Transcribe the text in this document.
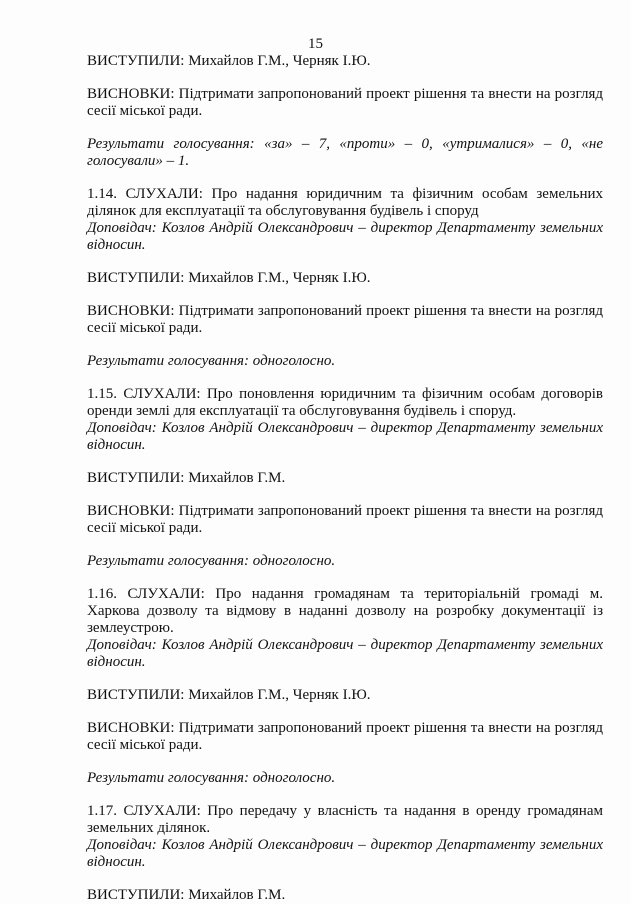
15

ВИСТУПИЛИ: Михайлов Г.М., Черняк І.Ю.

ВИСНОВКИ: Підтримати запропонований проект рішення та внести на розгляд сесії міської ради.

Результати голосування: «за» – 7, «проти» – 0, «утрималися» – 0, «не голосували» – 1.

1.14. СЛУХАЛИ: Про надання юридичним та фізичним особам земельних ділянок для експлуатації та обслуговування будівель і споруд

Доповідач: Козлов Андрій Олександрович – директор Департаменту земельних відносин.

ВИСТУПИЛИ: Михайлов Г.М., Черняк І.Ю.

ВИСНОВКИ: Підтримати запропонований проект рішення та внести на розгляд сесії міської ради.

Результати голосування: одноголосно.

1.15. СЛУХАЛИ: Про поновлення юридичним та фізичним особам договорів оренди землі для експлуатації та обслуговування будівель і споруд.

Доповідач: Козлов Андрій Олександрович – директор Департаменту земельних відносин.

ВИСТУПИЛИ: Михайлов Г.М.

ВИСНОВКИ: Підтримати запропонований проект рішення та внести на розгляд сесії міської ради.

Результати голосування: одноголосно.

1.16. СЛУХАЛИ: Про надання громадянам та територіальній громаді м. Харкова дозволу та відмову в наданні дозволу на розробку документації із землеустрою.

Доповідач: Козлов Андрій Олександрович – директор Департаменту земельних відносин.

ВИСТУПИЛИ: Михайлов Г.М., Черняк І.Ю.

ВИСНОВКИ: Підтримати запропонований проект рішення та внести на розгляд сесії міської ради.

Результати голосування: одноголосно.

1.17. СЛУХАЛИ: Про передачу у власність та надання в оренду громадянам земельних ділянок.

Доповідач: Козлов Андрій Олександрович – директор Департаменту земельних відносин.

ВИСТУПИЛИ: Михайлов Г.М.
